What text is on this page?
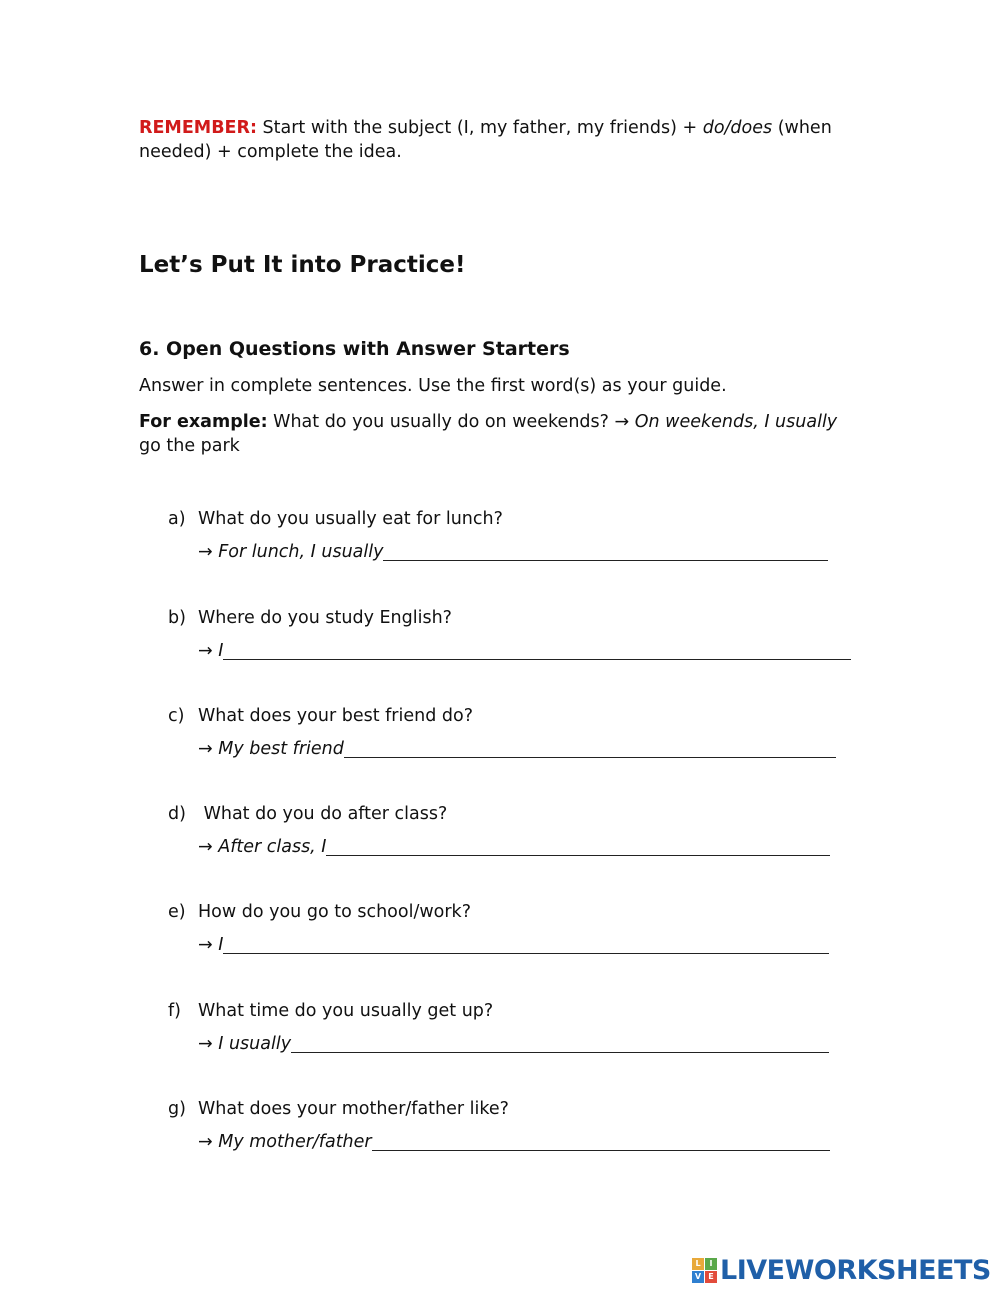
REMEMBER: Start with the subject (I, my father, my friends) + do/does (when needed) + complete the idea.

Let’s Put It into Practice!
6. Open Questions with Answer Starters

Answer in complete sentences. Use the first word(s) as your guide.

For example: What do you usually do on weekends? → On weekends, I usually go the park

a) What do you usually eat for lunch?
→ For lunch, I usually
b) Where do you study English?
→ I
c) What does your best friend do?
→ My best friend
d) What do you do after class?
→ After class, I
e) How do you go to school/work?
→ I
f) What time do you usually get up?
→ I usually
g) What does your mother/father like?
→ My mother/father
L	I
V E LIVEWORKSHEETS
